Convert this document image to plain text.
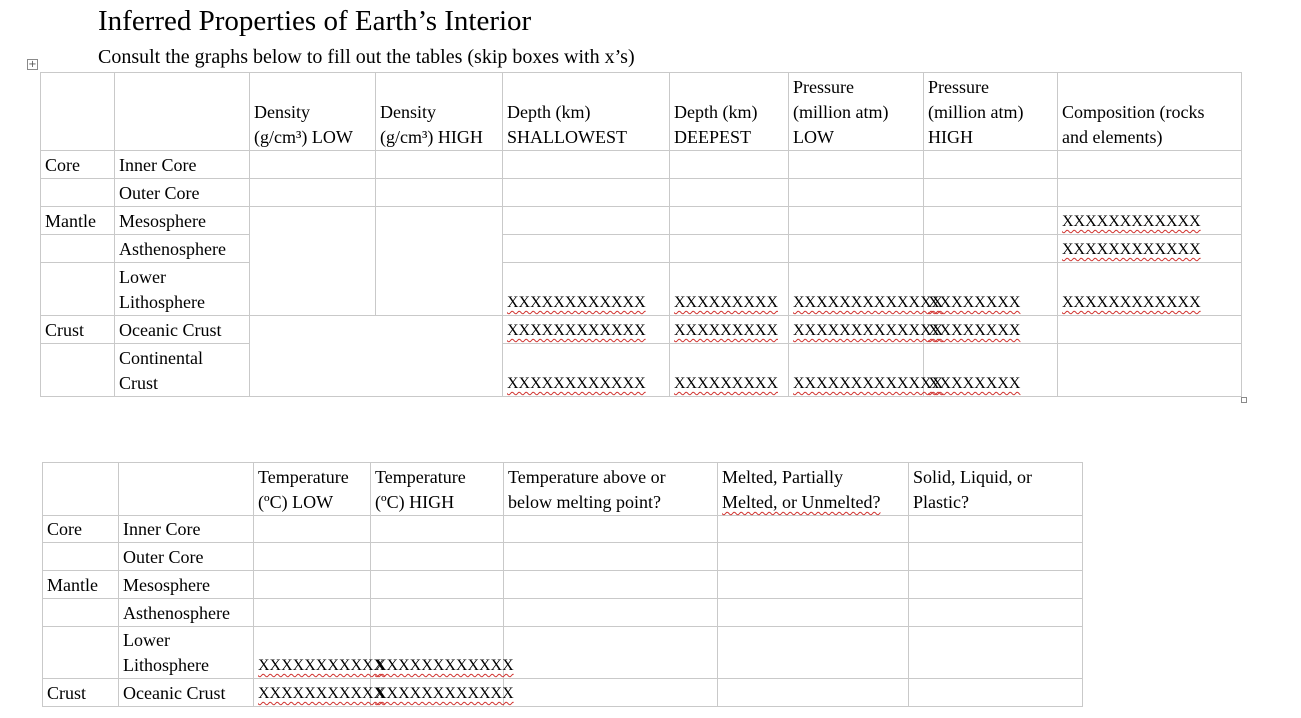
Inferred Properties of Earth’s Interior
Consult the graphs below to fill out the tables (skip boxes with x’s)
+
		Density
(g/cm³) LOW	Density
(g/cm³) HIGH	Depth (km)
SHALLOWEST	Depth (km)
DEEPEST	Pressure
(million atm)
LOW	Pressure
(million atm)
HIGH	Composition (rocks
and elements)
Core	Inner Core							
	Outer Core							
Mantle	Mesosphere							XXXXXXXXXXXX
	Asthenosphere							XXXXXXXXXXXX
	Lower
Lithosphere			XXXXXXXXXXXX	XXXXXXXXX	XXXXXXXXXXXXX	XXXXXXXX	XXXXXXXXXXXX
Crust	Oceanic Crust			XXXXXXXXXXXX	XXXXXXXXX	XXXXXXXXXXXXX	XXXXXXXX	
	Continental
Crust			XXXXXXXXXXXX	XXXXXXXXX	XXXXXXXXXXXXX	XXXXXXXX	
		Temperature
(ºC) LOW	Temperature
(ºC) HIGH	Temperature above or
below melting point?	Melted, Partially
Melted, or Unmelted?	Solid, Liquid, or
Plastic?
Core	Inner Core					
	Outer Core					
Mantle	Mesosphere					
	Asthenosphere					
	Lower
Lithosphere	XXXXXXXXXXX	XXXXXXXXXXXX			
Crust	Oceanic Crust	XXXXXXXXXXX	XXXXXXXXXXXX			
